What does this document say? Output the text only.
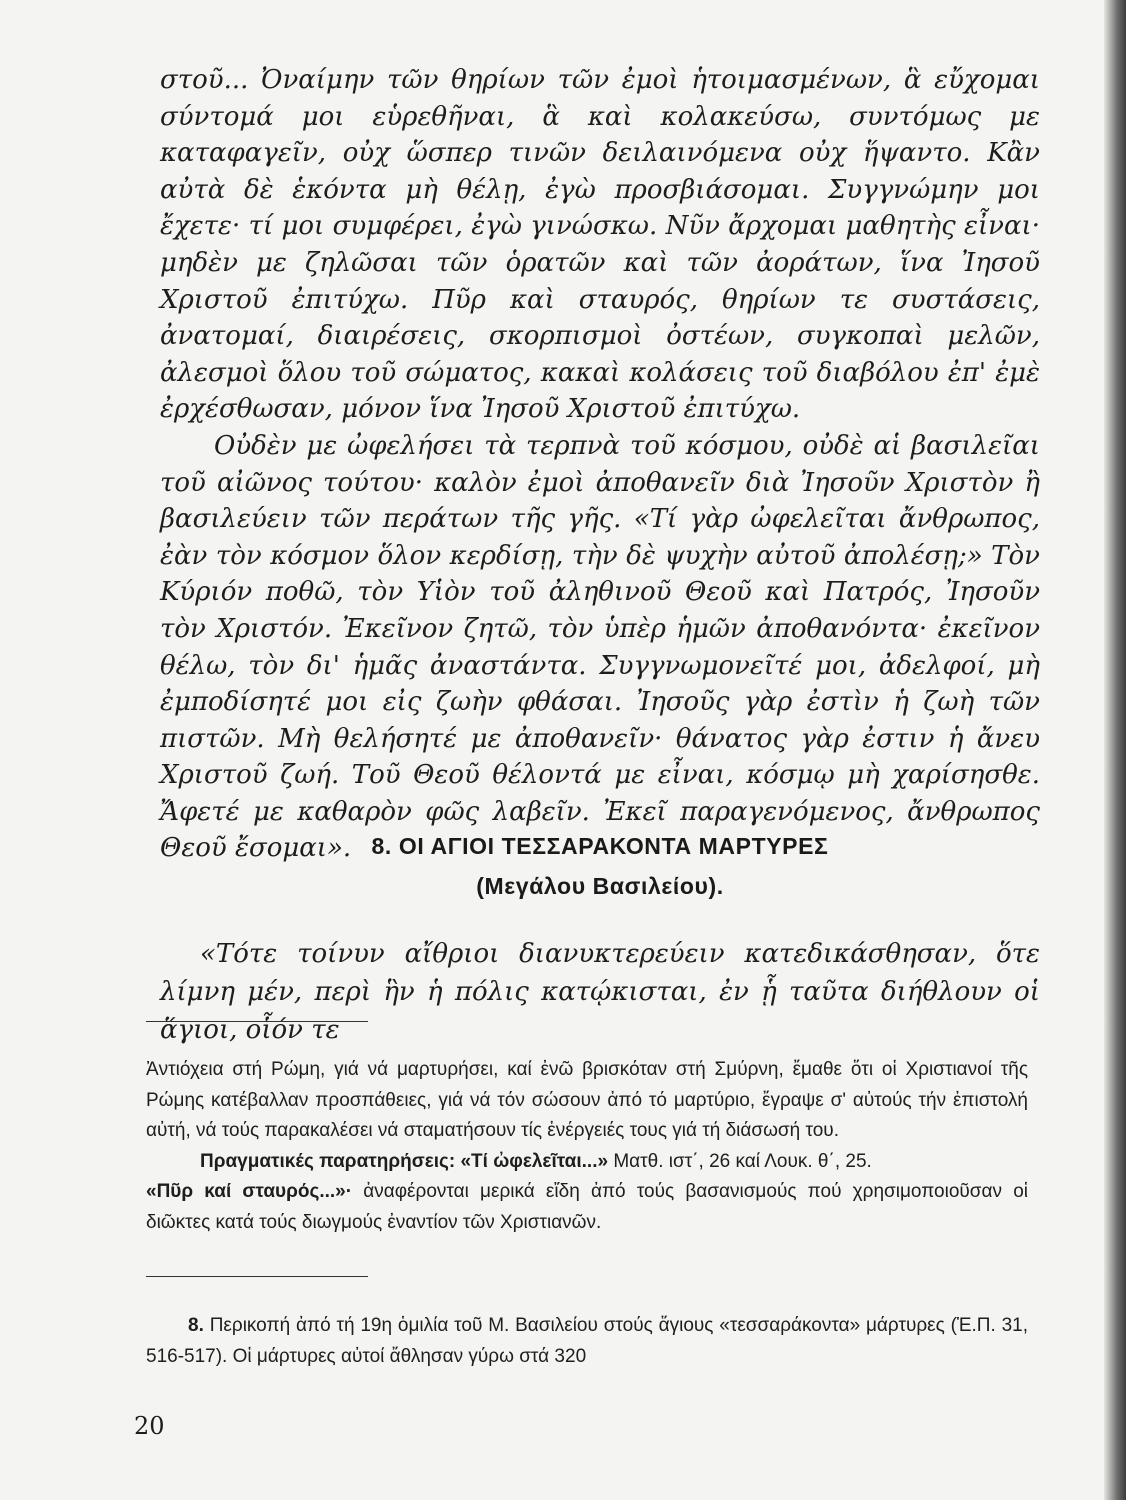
στοῦ... Ὀναίμην τῶν θηρίων τῶν ἐμοὶ ἡτοιμασμένων, ἃ εὔχομαι σύντομά μοι εὑρεθῆναι, ἃ καὶ κολακεύσω, συντόμως με καταφαγεῖν, οὐχ ὥσπερ τινῶν δειλαινόμενα οὐχ ἥψαντο. Κἂν αὐτὰ δὲ ἑκόντα μὴ θέλῃ, ἐγὼ προσβιάσομαι. Συγγνώμην μοι ἔχετε· τί μοι συμφέρει, ἐγὼ γινώσκω. Νῦν ἄρχομαι μαθητὴς εἶναι· μηδὲν με ζηλῶσαι τῶν ὁρατῶν καὶ τῶν ἀοράτων, ἵνα Ἰησοῦ Χριστοῦ ἐπιτύχω. Πῦρ καὶ σταυρός, θηρίων τε συστάσεις, ἀνατομαί, διαιρέσεις, σκορπισμοὶ ὀστέων, συγκοπαὶ μελῶν, ἀλεσμοὶ ὅλου τοῦ σώματος, κακαὶ κολάσεις τοῦ διαβόλου ἐπ' ἐμὲ ἐρχέσθωσαν, μόνον ἵνα Ἰησοῦ Χριστοῦ ἐπιτύχω.

Οὐδὲν με ὠφελήσει τὰ τερπνὰ τοῦ κόσμου, οὐδὲ αἱ βασιλεῖαι τοῦ αἰῶνος τούτου· καλὸν ἐμοὶ ἀποθανεῖν διὰ Ἰησοῦν Χριστὸν ἢ βασιλεύειν τῶν περάτων τῆς γῆς. «Τί γὰρ ὠφελεῖται ἄνθρωπος, ἐὰν τὸν κόσμον ὅλον κερδίσῃ, τὴν δὲ ψυχὴν αὐτοῦ ἀπολέσῃ;» Τὸν Κύριόν ποθῶ, τὸν Υἱὸν τοῦ ἀληθινοῦ Θεοῦ καὶ Πατρός, Ἰησοῦν τὸν Χριστόν. Ἐκεῖνον ζητῶ, τὸν ὑπὲρ ἡμῶν ἀποθανόντα· ἐκεῖνον θέλω, τὸν δι' ἡμᾶς ἀναστάντα. Συγγνωμονεῖτέ μοι, ἀδελφοί, μὴ ἐμποδίσητέ μοι εἰς ζωὴν φθάσαι. Ἰησοῦς γὰρ ἐστὶν ἡ ζωὴ τῶν πιστῶν. Μὴ θελήσητέ με ἀποθανεῖν· θάνατος γὰρ ἐστιν ἡ ἄνευ Χριστοῦ ζωή. Τοῦ Θεοῦ θέλοντά με εἶναι, κόσμῳ μὴ χαρίσησθε. Ἄφετέ με καθαρὸν φῶς λαβεῖν. Ἐκεῖ παραγενόμενος, ἄνθρωπος Θεοῦ ἔσομαι». 8. ΟΙ ΑΓΙΟΙ ΤΕΣΣΑΡΑΚΟΝΤΑ ΜΑΡΤΥΡΕΣ
(Μεγάλου Βασιλείου).

«Τότε τοίνυν αἴθριοι διανυκτερεύειν κατεδικάσθησαν, ὅτε λίμνη μέν, περὶ ἣν ἡ πόλις κατῴκισται, ἐν ᾗ ταῦτα διήθλουν οἱ ἅγιοι, οἷόν τε

Ἀντιόχεια στή Ρώμη, γιά νά μαρτυρήσει, καί ἐνῶ βρισκόταν στή Σμύρνη, ἔμαθε ὅτι οἱ Χριστιανοί τῆς Ρώμης κατέβαλλαν προσπάθειες, γιά νά τόν σώσουν ἀπό τό μαρτύριο, ἔγραψε σ' αὐτούς τήν ἐπιστολή αὐτή, νά τούς παρακαλέσει νά σταματήσουν τίς ἐνέργειές τους γιά τή διάσωσή του.

Πραγματικές παρατηρήσεις: «Τί ὠφελεῖται...» Ματθ. ιστ΄, 26 καί Λουκ. θ΄, 25.

«Πῦρ καί σταυρός...»· ἀναφέρονται μερικά εἴδη ἀπό τούς βασανισμούς πού χρησιμοποιοῦσαν οἱ διῶκτες κατά τούς διωγμούς ἐναντίον τῶν Χριστιανῶν.

8. Περικοπή ἀπό τή 19η ὁμιλία τοῦ Μ. Βασιλείου στούς ἅγιους «τεσσαράκοντα» μάρτυρες (Ἑ.Π. 31, 516-517). Οἱ μάρτυρες αὐτοί ἄθλησαν γύρω στά 320

20
